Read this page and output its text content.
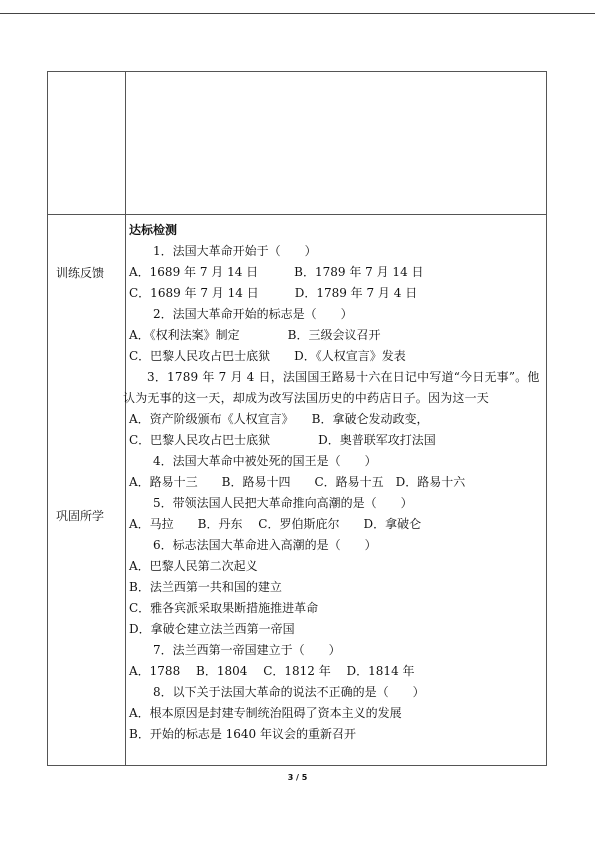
训练反馈
巩固所学
达标检测
1．法国大革命开始于（　　）
A．1689 年 7 月 14 日　　　B．1789 年 7 月 14 日
C．1689 年 7 月 14 日　　　D．1789 年 7 月 4 日
2．法国大革命开始的标志是（　　）
A．《权利法案》制定　　　　B．三级会议召开
C．巴黎人民攻占巴士底狱　　D．《人权宣言》发表
3．1789 年 7 月 4 日，法国国王路易十六在日记中写道“今日无事”。他认为无事的这一天，却成为改写法国历史的中药店日子。因为这一天
A．资产阶级颁布《人权宣言》　　B．拿破仑发动政变，
C．巴黎人民攻占巴士底狱　　　　D．奥普联军攻打法国
4．法国大革命中被处死的国王是（　　）
A．路易十三　　B．路易十四　　C．路易十五　D．路易十六
5．带领法国人民把大革命推向高潮的是（　　）
A．马拉　　B．丹东　 C．罗伯斯庇尔　　D．拿破仑
6．标志法国大革命进入高潮的是（　　）
A．巴黎人民第二次起义
B．法兰西第一共和国的建立
C．雅各宾派采取果断措施推进革命
D．拿破仑建立法兰西第一帝国
7．法兰西第一帝国建立于（　　）
A．1788　 B．1804　 C．1812 年　 D．1814 年
8．以下关于法国大革命的说法不正确的是（　　）
A．根本原因是封建专制统治阻碍了资本主义的发展
B．开始的标志是 1640 年议会的重新召开
3 / 5
